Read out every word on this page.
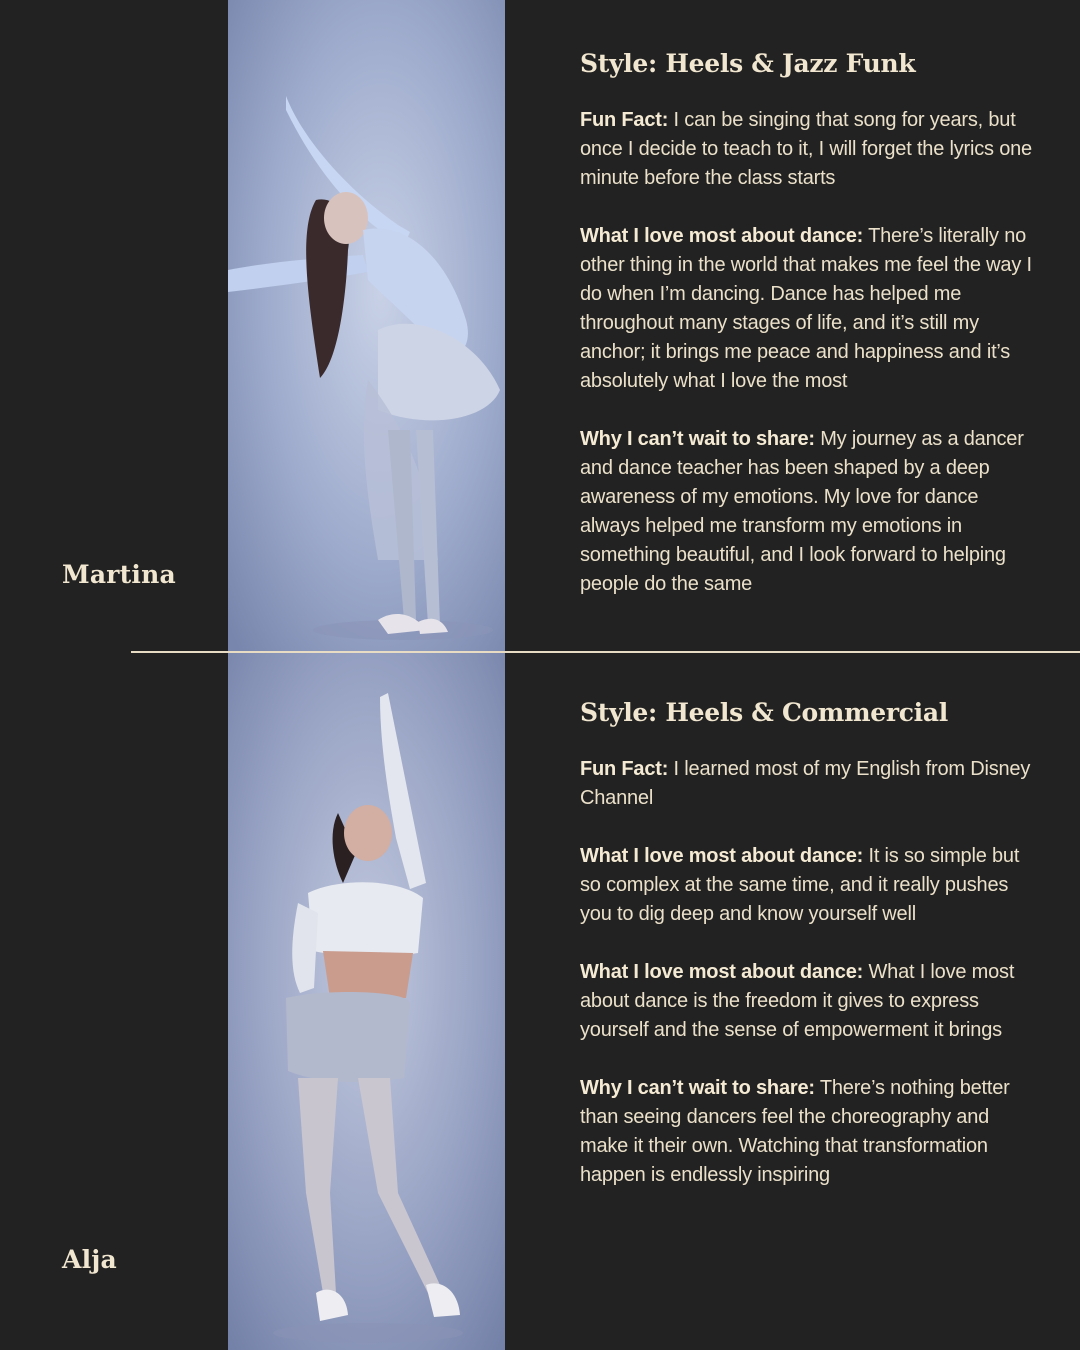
Martina
Style: Heels & Jazz Funk

Fun Fact: I can be singing that song for years, but once I decide to teach to it, I will forget the lyrics one minute before the class starts

What I love most about dance: There’s literally no other thing in the world that makes me feel the way I do when I’m dancing. Dance has helped me throughout many stages of life, and it’s still my anchor; it brings me peace and happiness and it’s absolutely what I love the most

Why I can’t wait to share: My journey as a dancer and dance teacher has been shaped by a deep awareness of my emotions. My love for dance always helped me transform my emotions in something beautiful, and I look forward to helping people do the same

Alja
Style: Heels & Commercial

Fun Fact: I learned most of my English from Disney Channel

What I love most about dance: It is so simple but so complex at the same time, and it really pushes you to dig deep and know yourself well

What I love most about dance: What I love most about dance is the freedom it gives to express yourself and the sense of empowerment it brings

Why I can’t wait to share: There’s nothing better than seeing dancers feel the choreography and make it their own. Watching that transformation happen is endlessly inspiring
